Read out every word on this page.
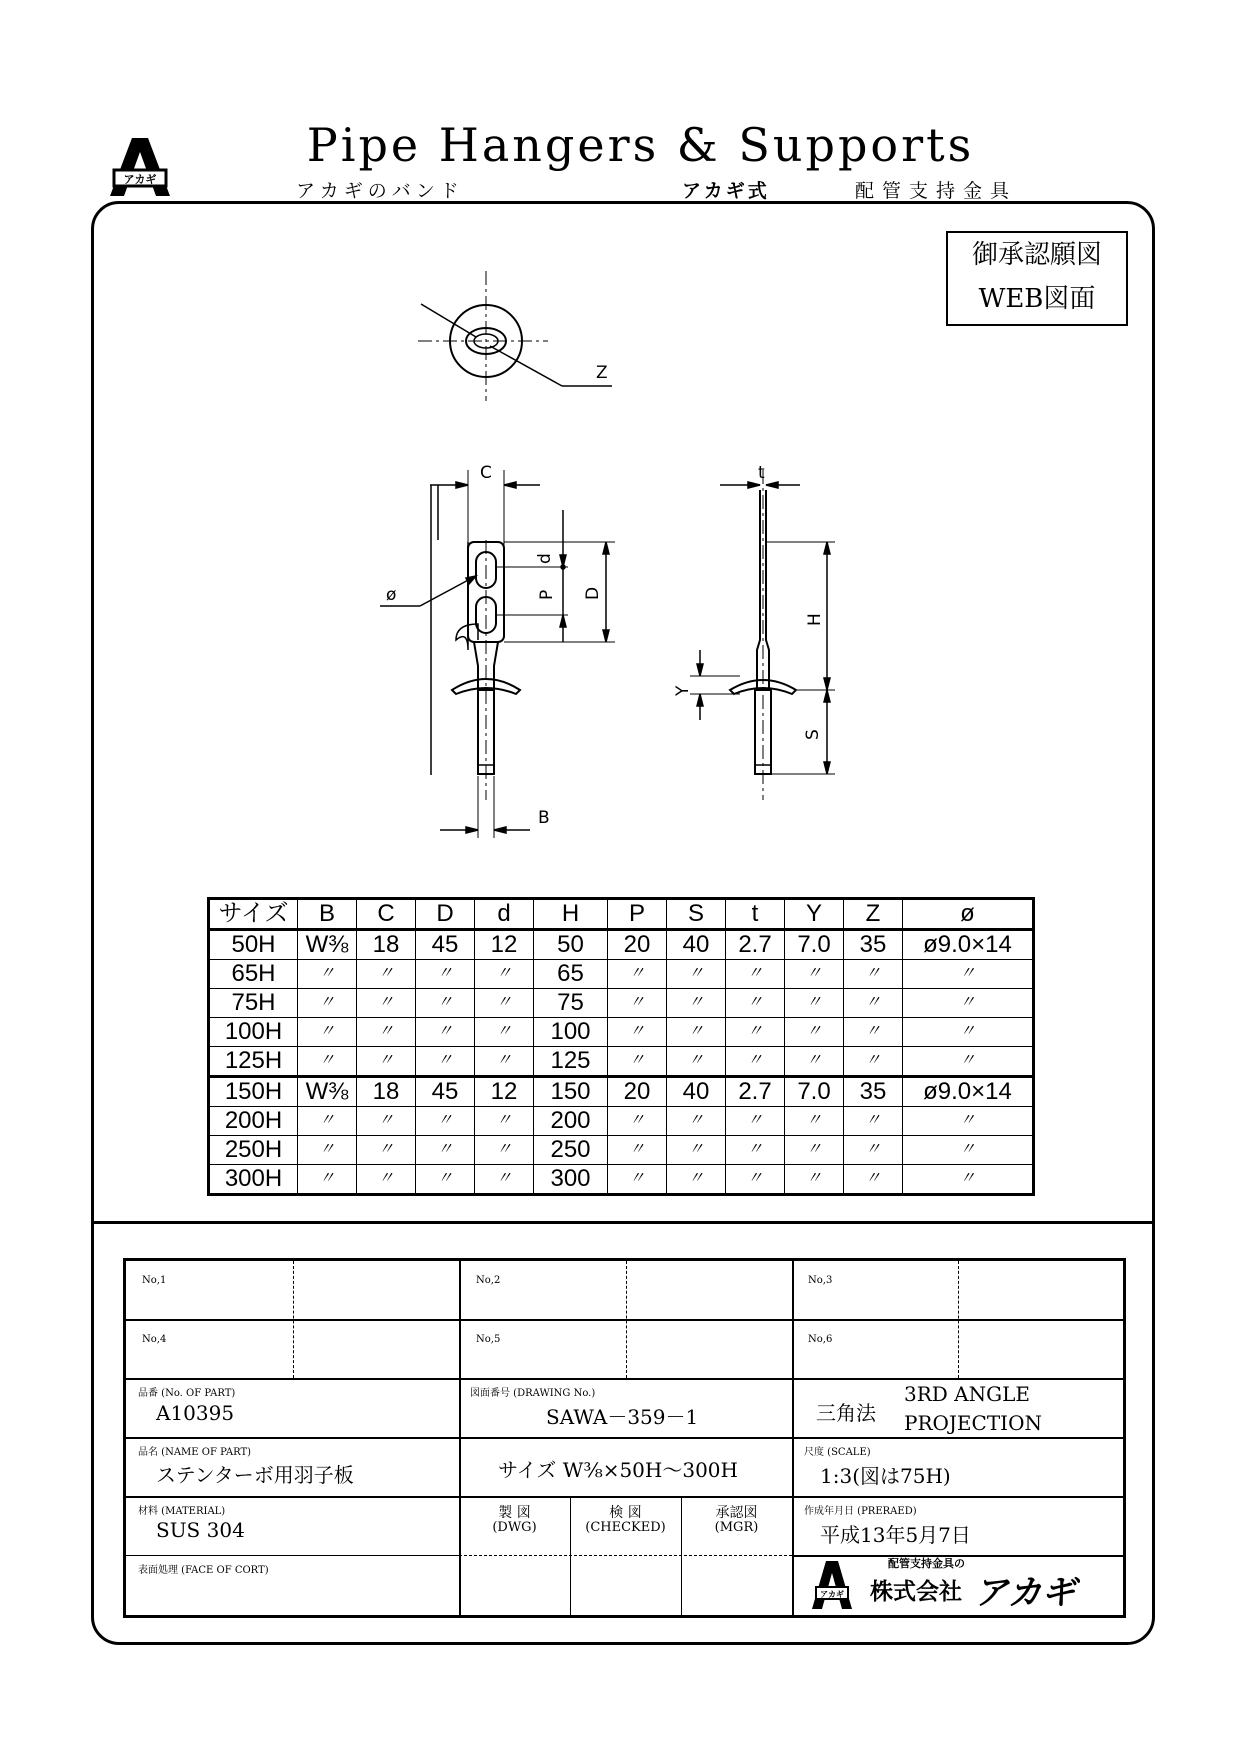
Pipe Hangers & Supports
アカギのバンド	アカギ式	配管支持金具
アカギ
御承認願図
WEB図面
Z
C	t
d
P D
ø
H
Y
S
B
サイズ	B	C	D	d	H	P	S	t	Y	Z	ø
50H	W⅜	18	45	12	50	20	40	2.7	7.0	35	ø9.0×14
65H	〃	〃	〃	〃	65	〃	〃	〃	〃	〃	〃
75H	〃	〃	〃	〃	75	〃	〃	〃	〃	〃	〃
100H	〃	〃	〃	〃	100	〃	〃	〃	〃	〃	〃
125H	〃	〃	〃	〃	125	〃	〃	〃	〃	〃	〃
150H	W⅜	18	45	12	150	20	40	2.7	7.0	35	ø9.0×14
200H	〃	〃	〃	〃	200	〃	〃	〃	〃	〃	〃
250H	〃	〃	〃	〃	250	〃	〃	〃	〃	〃	〃
300H	〃	〃	〃	〃	300	〃	〃	〃	〃	〃	〃
No,1	No,2	No,3
No,4	No,5	No,6
品番 (No. OF PART)
A10395
図面番号 (DRAWING No.)
SAWA－359－1	三角法
3RD ANGLE
PROJECTION
品名 (NAME OF PART)
ステンターボ用羽子板	サイズ W⅜×50H～300H
尺度 (SCALE)
1:3(図は75H)
材料 (MATERIAL)
SUS 304
製 図
(DWG)
検 図
(CHECKED)
承認図
(MGR)
作成年月日 (PRERAED)
平成13年5月7日
表面処理 (FACE OF CORT)
アカギ
配管支持金具の
株式会社 アカギ
